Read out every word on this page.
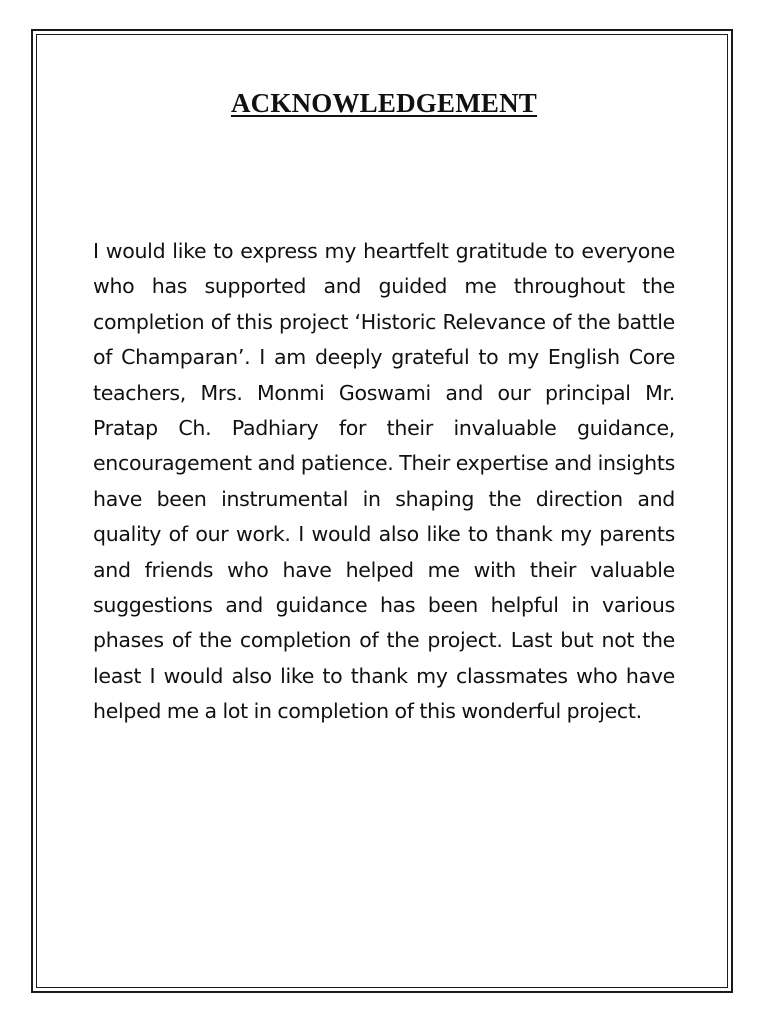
ACKNOWLEDGEMENT

I would like to express my heartfelt gratitude to everyone who has supported and guided me throughout the completion of this project ‘Historic Relevance of the battle of Champaran’. I am deeply grateful to my English Core teachers, Mrs. Monmi Goswami and our principal Mr. Pratap Ch. Padhiary for their invaluable guidance, encouragement and patience. Their expertise and insights have been instrumental in shaping the direction and quality of our work. I would also like to thank my parents and friends who have helped me with their valuable suggestions and guidance has been helpful in various phases of the completion of the project. Last but not the least I would also like to thank my classmates who have helped me a lot in completion of this wonderful project.
